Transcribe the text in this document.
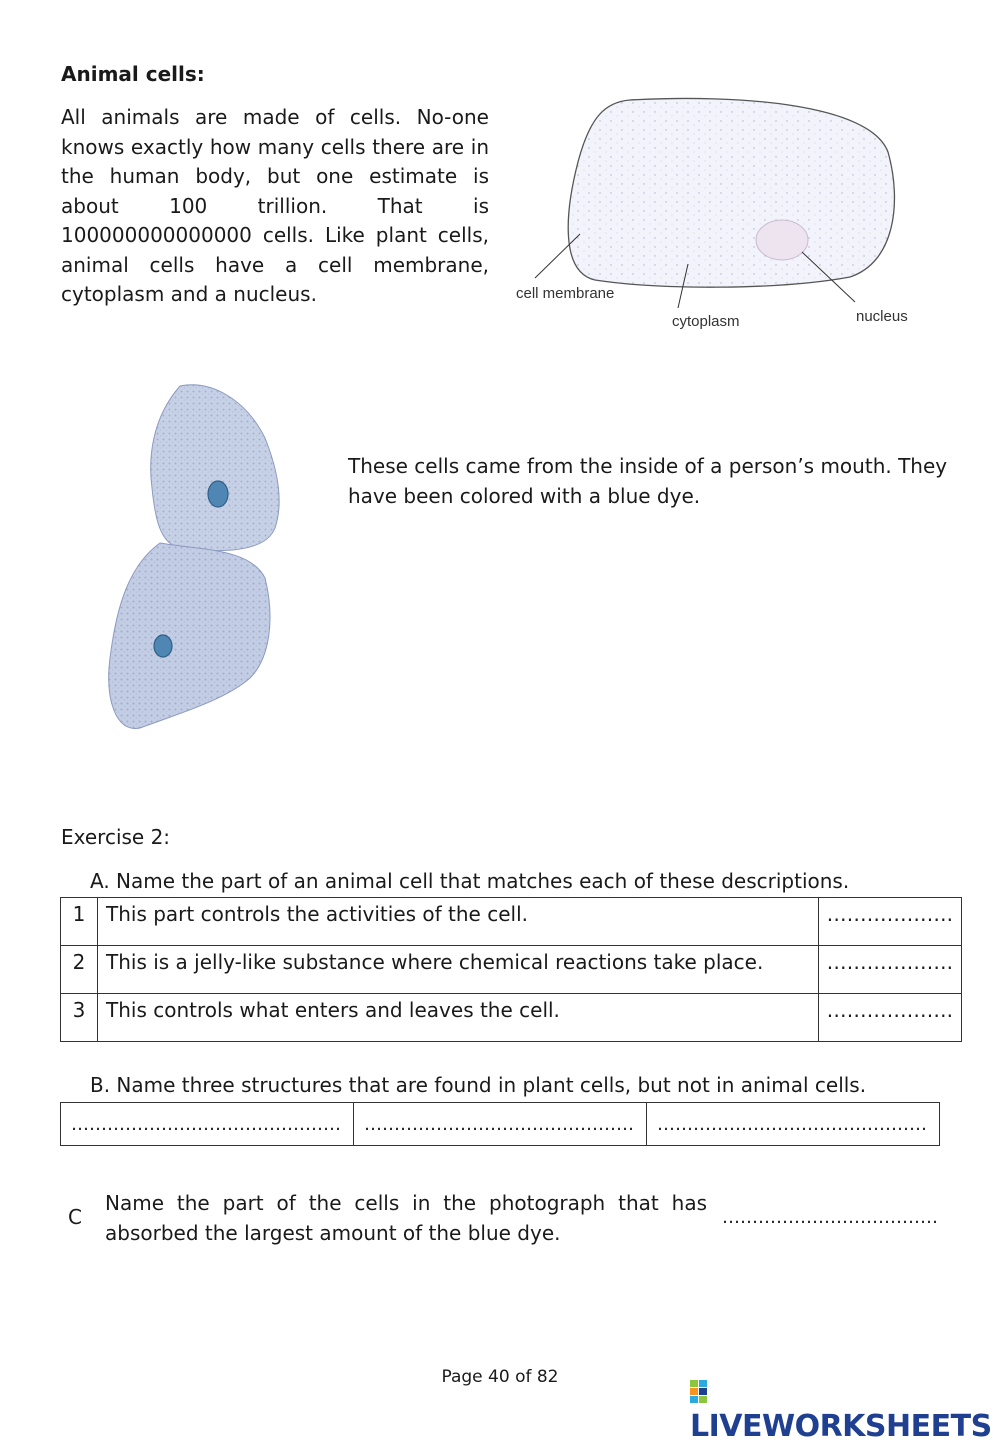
Animal cells:
All animals are made of cells. No-one knows exactly how many cells there are in the human body, but one estimate is about 100 trillion. That is 100000000000000 cells. Like plant cells, animal cells have a cell membrane, cytoplasm and a nucleus.	cell membrane
cytoplasm	nucleus
These cells came from the inside of a person’s mouth. They have been colored with a blue dye.
Exercise 2:
A. Name the part of an animal cell that matches each of these descriptions.
1	This part controls the activities of the cell.	……………….
2	This is a jelly-like substance where chemical reactions take place.	……………….
3	This controls what enters and leaves the cell.	……………….
B. Name three structures that are found in plant cells, but not in animal cells.
………………………………………	………………………………………	………………………………………
C
Name the part of the cells in the photograph that has absorbed the largest amount of the blue dye.
………………………………
Page 40 of 82
LIVEWORKSHEETS
